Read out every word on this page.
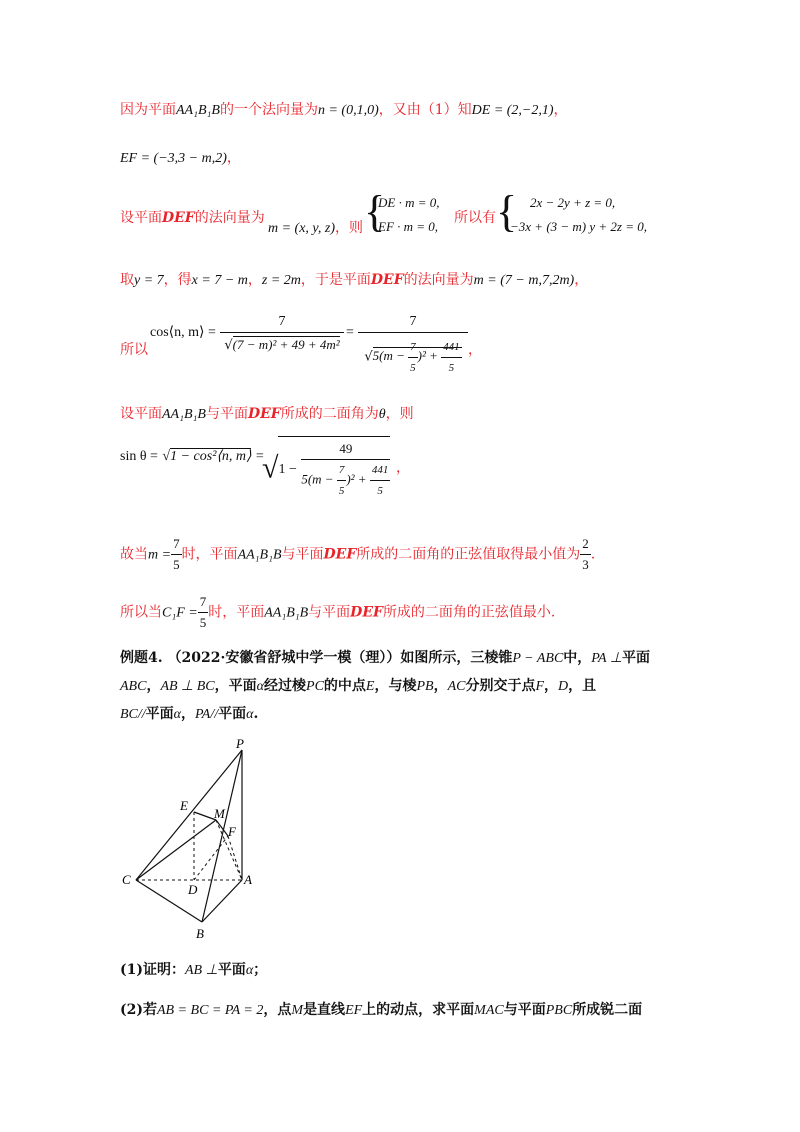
因为平面AA₁B₁B的一个法向量为n = (0,1,0)，又由（1）知DE = (2,−2,1)，
EF = (−3,3 − m,2)，
设平面DEF的法向量为
m = (x, y, z)，则 {
DE · m = 0,
EF · m = 0,
所以有 { 2x − 2y + z = 0,
−3x + (3 − m) y + 2z = 0,
取y = 7，得x = 7 − m，z = 2m，于是平面DEF的法向量为m = (7 − m,7,2m)，
cos⟨n, m⟩ =
所以	$\frac{7}{\text{√(7 − m)² + 49 + 4m²}} = \frac{7}{√5(m - \frac{7}{5} )^2 + \frac{441}{5}}$ ，
设平面AA₁B₁B与平面DEF所成的二面角为θ，则
sin θ = √1 − cos²⟨n, m⟩ =
$√1 - \frac{49}{5(m - \frac{7}{5} )^2 + \frac{441}{5}}$ ，
故当$m = \frac{7}{5}$ 时，平面AA₁B₁B与平面DEF所成的二面角的正弦值取得最小值为 $\frac{2}{3}$ .
所以当$C_1F = \frac{7}{5}$ 时，平面AA₁B₁B与平面DEF所成的二面角的正弦值最小.
例题4. （2022·安徽省舒城中学一模（理））如图所示，三棱锥P − ABC中，PA ⊥平面
ABC，AB ⊥ BC，平面α经过棱PC的中点E，与棱PB，AC分别交于点F，D，且
BC//平面α，PA//平面α.
P
E
M
F
C
D
A
B
(1)证明：AB ⊥平面α；
(2)若AB = BC = PA = 2，点M是直线EF上的动点，求平面MAC与平面PBC所成锐二面
